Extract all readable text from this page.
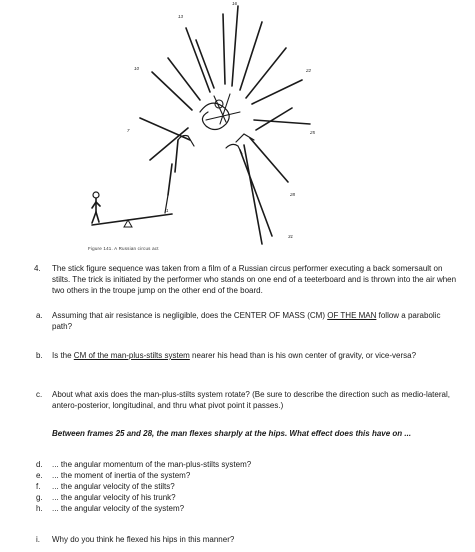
1
7
10
13
16
22
25
28
31
Figure 141. A Russian circus act
4. The stick figure sequence was taken from a film of a Russian circus performer executing a back somersault on stilts. The trick is initiated by the performer who stands on one end of a teeterboard and is thrown into the air when two others in the troupe jump on the other end of the board.
a. Assuming that air resistance is negligible, does the CENTER OF MASS (CM) OF THE MAN follow a parabolic path?
b. Is the CM of the man-plus-stilts system nearer his head than is his own center of gravity, or vice-versa?
c. About what axis does the man-plus-stilts system rotate? (Be sure to describe the direction such as medio-lateral, antero-posterior, longitudinal, and thru what pivot point it passes.)
Between frames 25 and 28, the man flexes sharply at the hips. What effect does this have on ...
d. ... the angular momentum of the man-plus-stilts system?
e. ... the moment of inertia of the system?
f. ... the angular velocity of the stilts?
g. ... the angular velocity of his trunk?
h. ... the angular velocity of the system?
i. Why do you think he flexed his hips in this manner?
